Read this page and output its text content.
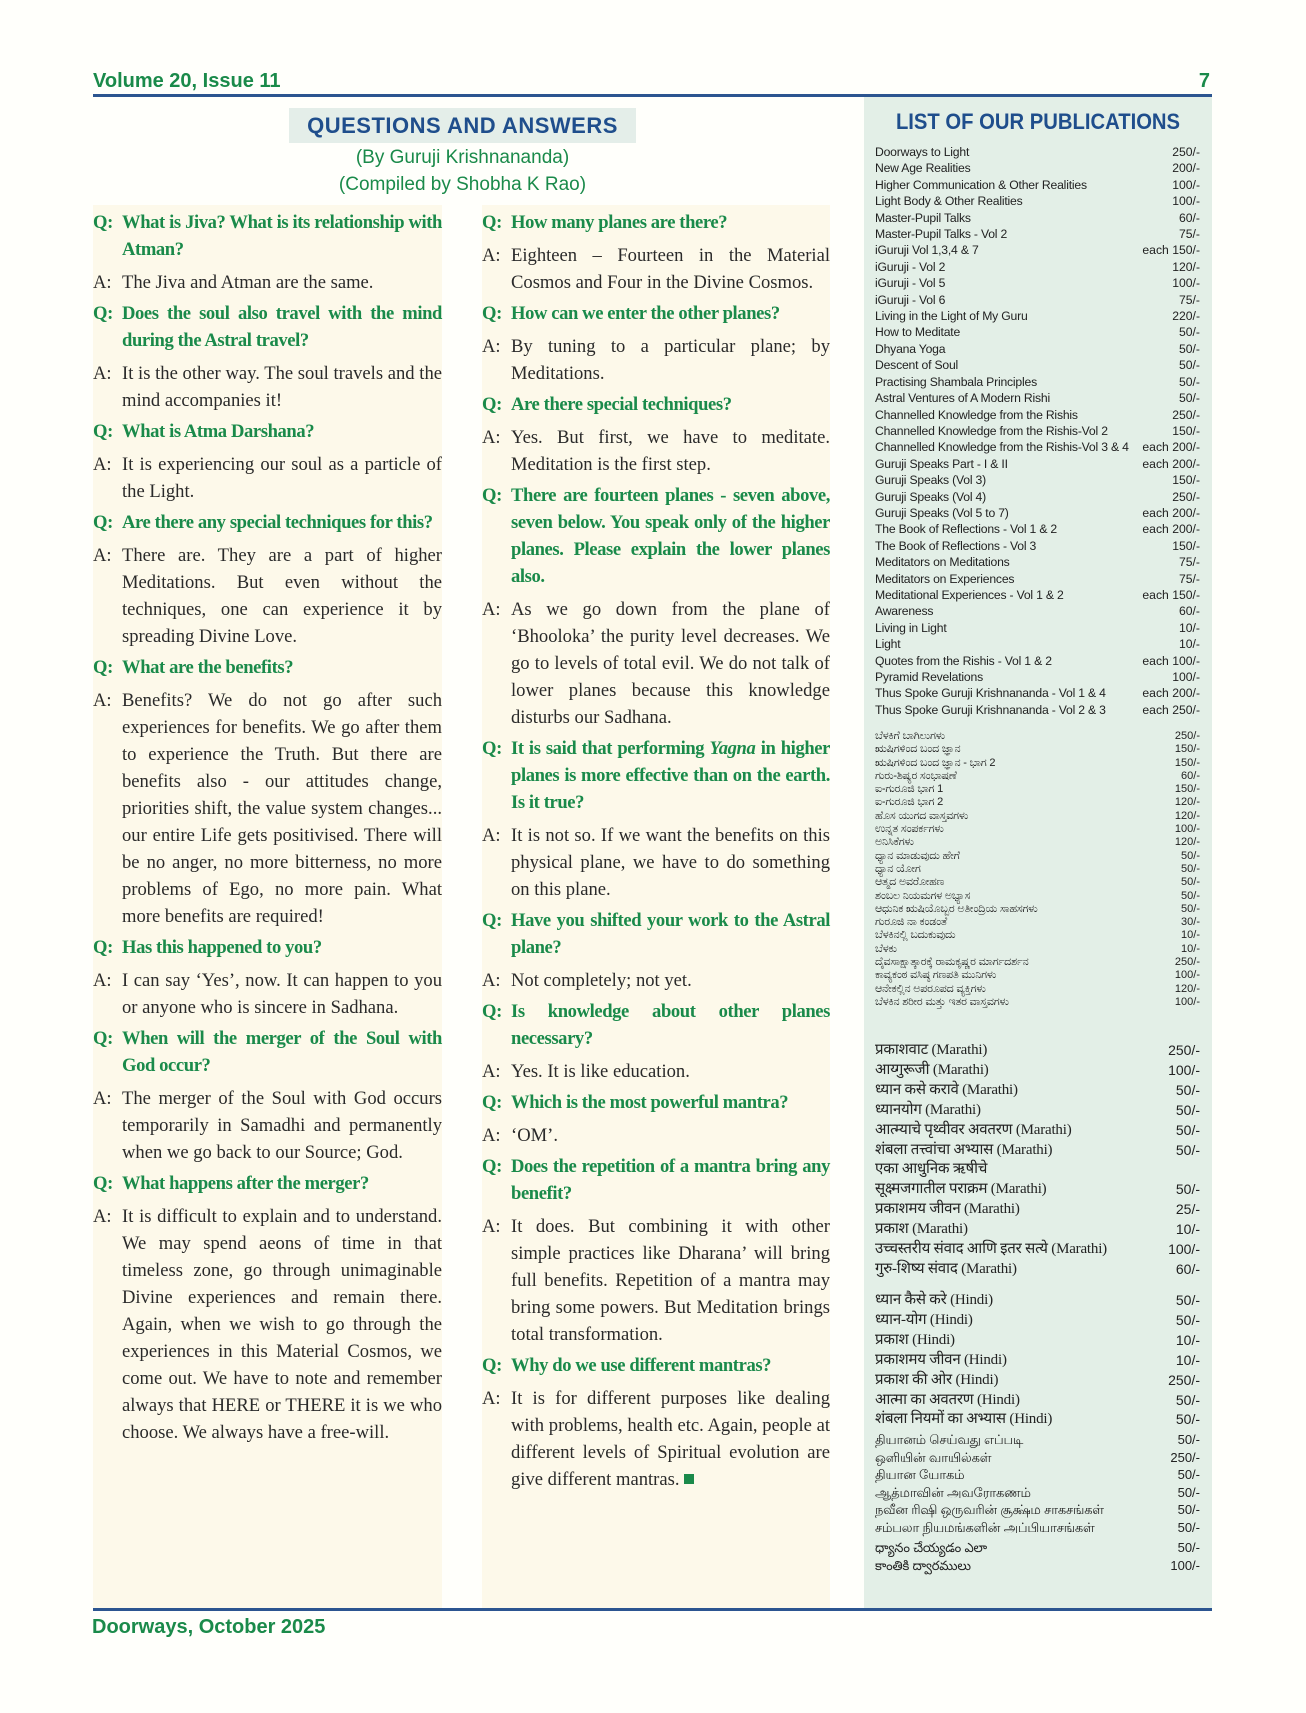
Volume 20, Issue 11	7
QUESTIONS AND ANSWERS
(By Guruji Krishnananda)
(Compiled by Shobha K Rao)
Q: What is Jiva? What is its relationship with Atman?
A: The Jiva and Atman are the same.
Q: Does the soul also travel with the mind during the Astral travel?
A: It is the other way. The soul travels and the mind accompanies it!
Q: What is Atma Darshana?
A: It is experiencing our soul as a particle of the Light.
Q: Are there any special techniques for this?
A: There are. They are a part of higher Meditations. But even without the techniques, one can experience it by spreading Divine Love.
Q: What are the benefits?
A: Benefits? We do not go after such experiences for benefits. We go after them to experience the Truth. But there are benefits also - our attitudes change, priorities shift, the value system changes... our entire Life gets positivised. There will be no anger, no more bitterness, no more problems of Ego, no more pain. What more benefits are required!
Q: Has this happened to you?
A: I can say ‘Yes’, now. It can happen to you or anyone who is sincere in Sadhana.
Q: When will the merger of the Soul with God occur?
A: The merger of the Soul with God occurs temporarily in Samadhi and permanently when we go back to our Source; God.
Q: What happens after the merger?
A: It is difficult to explain and to understand. We may spend aeons of time in that timeless zone, go through unimaginable Divine experiences and remain there. Again, when we wish to go through the experiences in this Material Cosmos, we come out. We have to note and remember always that HERE or THERE it is we who choose. We always have a free-will.
Q: How many planes are there?
A: Eighteen – Fourteen in the Material Cosmos and Four in the Divine Cosmos.
Q: How can we enter the other planes?
A: By tuning to a particular plane; by Meditations.
Q: Are there special techniques?
A: Yes. But first, we have to meditate. Meditation is the first step.
Q: There are fourteen planes - seven above, seven below. You speak only of the higher planes. Please explain the lower planes also.
A: As we go down from the plane of ‘Bhooloka’ the purity level decreases. We go to levels of total evil. We do not talk of lower planes because this knowledge disturbs our Sadhana.
Q: It is said that performing Yagna in higher planes is more effective than on the earth. Is it true?
A: It is not so. If we want the benefits on this physical plane, we have to do something on this plane.
Q: Have you shifted your work to the Astral plane?
A: Not completely; not yet.
Q: Is knowledge about other planes necessary?
A: Yes. It is like education.
Q: Which is the most powerful mantra?
A: ‘OM’.
Q: Does the repetition of a mantra bring any benefit?
A: It does. But combining it with other simple practices like Dharana’ will bring full benefits. Repetition of a mantra may bring some powers. But Meditation brings total transformation.
Q: Why do we use different mantras?
A: It is for different purposes like dealing with problems, health etc. Again, people at different levels of Spiritual evolution are give different mantras.
LIST OF OUR PUBLICATIONS
Doorways to Light	250/-
New Age Realities	200/-
Higher Communication & Other Realities	100/-
Light Body & Other Realities	100/-
Master-Pupil Talks	60/-
Master-Pupil Talks - Vol 2	75/-
iGuruji Vol 1,3,4 & 7	each 150/-
iGuruji - Vol 2	120/-
iGuruji - Vol 5	100/-
iGuruji - Vol 6	75/-
Living in the Light of My Guru	220/-
How to Meditate	50/-
Dhyana Yoga	50/-
Descent of Soul	50/-
Practising Shambala Principles	50/-
Astral Ventures of A Modern Rishi	50/-
Channelled Knowledge from the Rishis	250/-
Channelled Knowledge from the Rishis-Vol 2	150/-
Channelled Knowledge from the Rishis-Vol 3 & 4 each 200/-
Guruji Speaks Part - I & II	each 200/-
Guruji Speaks (Vol 3)	150/-
Guruji Speaks (Vol 4)	250/-
Guruji Speaks (Vol 5 to 7)	each 200/-
The Book of Reflections - Vol 1 & 2	each 200/-
The Book of Reflections - Vol 3	150/-
Meditators on Meditations	75/-
Meditators on Experiences	75/-
Meditational Experiences - Vol 1 & 2	each 150/-
Awareness	60/-
Living in Light	10/-
Light	10/-
Quotes from the Rishis - Vol 1 & 2	each 100/-
Pyramid Revelations	100/-
Thus Spoke Guruji Krishnananda - Vol 1 & 4	each 200/-
Thus Spoke Guruji Krishnananda - Vol 2 & 3	each 250/-
ಬೆಳಕಿಗೆ ಬಾಗಿಲುಗಳು	250/-
ಋಷಿಗಳಿಂದ ಬಂದ ಜ್ಞಾನ	150/-
ಋಷಿಗಳಿಂದ ಬಂದ ಜ್ಞಾನ - ಭಾಗ 2	150/-
ಗುರು-ಶಿಷ್ಯರ ಸಂಭಾಷಣೆ	60/-
ಐ-ಗುರೂಜಿ ಭಾಗ 1	150/-
ಐ-ಗುರೂಜಿ ಭಾಗ 2	120/-
ಹೊಸ ಯುಗದ ವಾಸ್ತವಗಳು	120/-
ಉನ್ನತ ಸಂಪರ್ಕಗಳು	100/-
ಅನಿಸಿಕೆಗಳು	120/-
ಧ್ಯಾನ ಮಾಡುವುದು ಹೇಗೆ	50/-
ಧ್ಯಾನ ಯೋಗ	50/-
ಆತ್ಮದ ಅವರೋಹಣ	50/-
ಶಂಬಲ ನಿಯಮಗಳ ಅಭ್ಯಾಸ	50/-
ಆಧುನಿಕ ಋಷಿಯೊಬ್ಬರ ಅತೀಂದ್ರಿಯ ಸಾಹಸಗಳು	50/-
ಗುರೂಜಿ ನಾ ಕಂಡಂತೆ	30/-
ಬೆಳಕಿನಲ್ಲಿ ಬದುಕುವುದು	10/-
ಬೆಳಕು	10/-
ದೈವಸಾಕ್ಷಾತ್ಕಾರಕ್ಕೆ ರಾಮಕೃಷ್ಣರ ಮಾರ್ಗದರ್ಶನ	250/-
ಕಾವ್ಯಕಂಠ ವಸಿಷ್ಠ ಗಣಪತಿ ಮುನಿಗಳು	100/-
ಆನೇಕಲ್ಲಿನ ಅಪರೂಪದ ವ್ಯಕ್ತಿಗಳು	120/-
ಬೆಳಕಿನ ಶರೀರ ಮತ್ತು ಇತರ ವಾಸ್ತವಗಳು	100/-
प्रकाशवाट (Marathi)	250/-
आय्गुरूजी (Marathi)	100/-
ध्यान कसे करावे (Marathi)	50/-
ध्यानयोग (Marathi)	50/-
आत्म्याचे पृथ्वीवर अवतरण (Marathi)	50/-
शंबला तत्त्वांचा अभ्यास (Marathi)	50/-
एका आधुनिक ऋषीचे
सूक्ष्मजगातील पराक्रम (Marathi)	50/-
प्रकाशमय जीवन (Marathi)	25/-
प्रकाश (Marathi)	10/-
उच्चस्तरीय संवाद आणि इतर सत्ये (Marathi)	100/-
गुरु-शिष्य संवाद (Marathi)	60/-
ध्यान कैसे करे (Hindi)	50/-
ध्यान-योग (Hindi)	50/-
प्रकाश (Hindi)	10/-
प्रकाशमय जीवन (Hindi)	10/-
प्रकाश की ओर (Hindi)	250/-
आत्मा का अवतरण (Hindi)	50/-
शंबला नियमों का अभ्यास (Hindi)	50/-
தியானம் செய்வது எப்படி	50/-
ஒளியின் வாயில்கள்	250/-
தியான யோகம்	50/-
ஆத்மாவின் அவரோகணம்	50/-
நவீன ரிஷி ஒருவரின் சூக்ஷ்ம சாகசங்கள்	50/-
சம்பலா நியமங்களின் அப்பியாசங்கள்	50/-
ధ్యానం చేయ్యడం ఎలా	50/-
కాంతికి ద్వారములు	100/-
Doorways, October 2025
